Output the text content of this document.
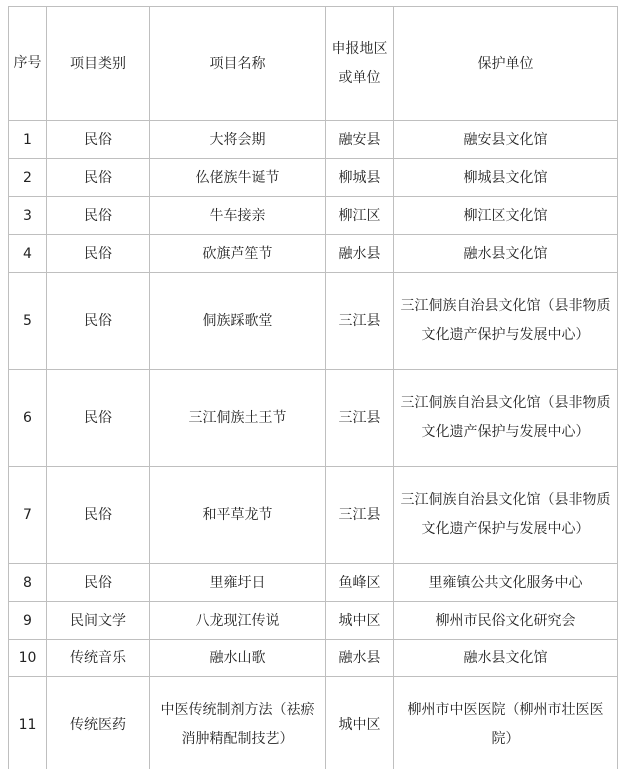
序号	项目类别	项目名称	申报地区或单位	保护单位
1	民俗	大将会期	融安县	融安县文化馆
2	民俗	仫佬族牛诞节	柳城县	柳城县文化馆
3	民俗	牛车接亲	柳江区	柳江区文化馆
4	民俗	砍旗芦笙节	融水县	融水县文化馆
5	民俗	侗族踩歌堂	三江县	三江侗族自治县文化馆（县非物质文化遗产保护与发展中心）
6	民俗	三江侗族土王节	三江县	三江侗族自治县文化馆（县非物质文化遗产保护与发展中心）
7	民俗	和平草龙节	三江县	三江侗族自治县文化馆（县非物质文化遗产保护与发展中心）
8	民俗	里雍圩日	鱼峰区	里雍镇公共文化服务中心
9	民间文学	八龙现江传说	城中区	柳州市民俗文化研究会
10	传统音乐	融水山歌	融水县	融水县文化馆
11	传统医药	中医传统制剂方法（祛瘀消肿精配制技艺）	城中区	柳州市中医医院（柳州市壮医医院）
